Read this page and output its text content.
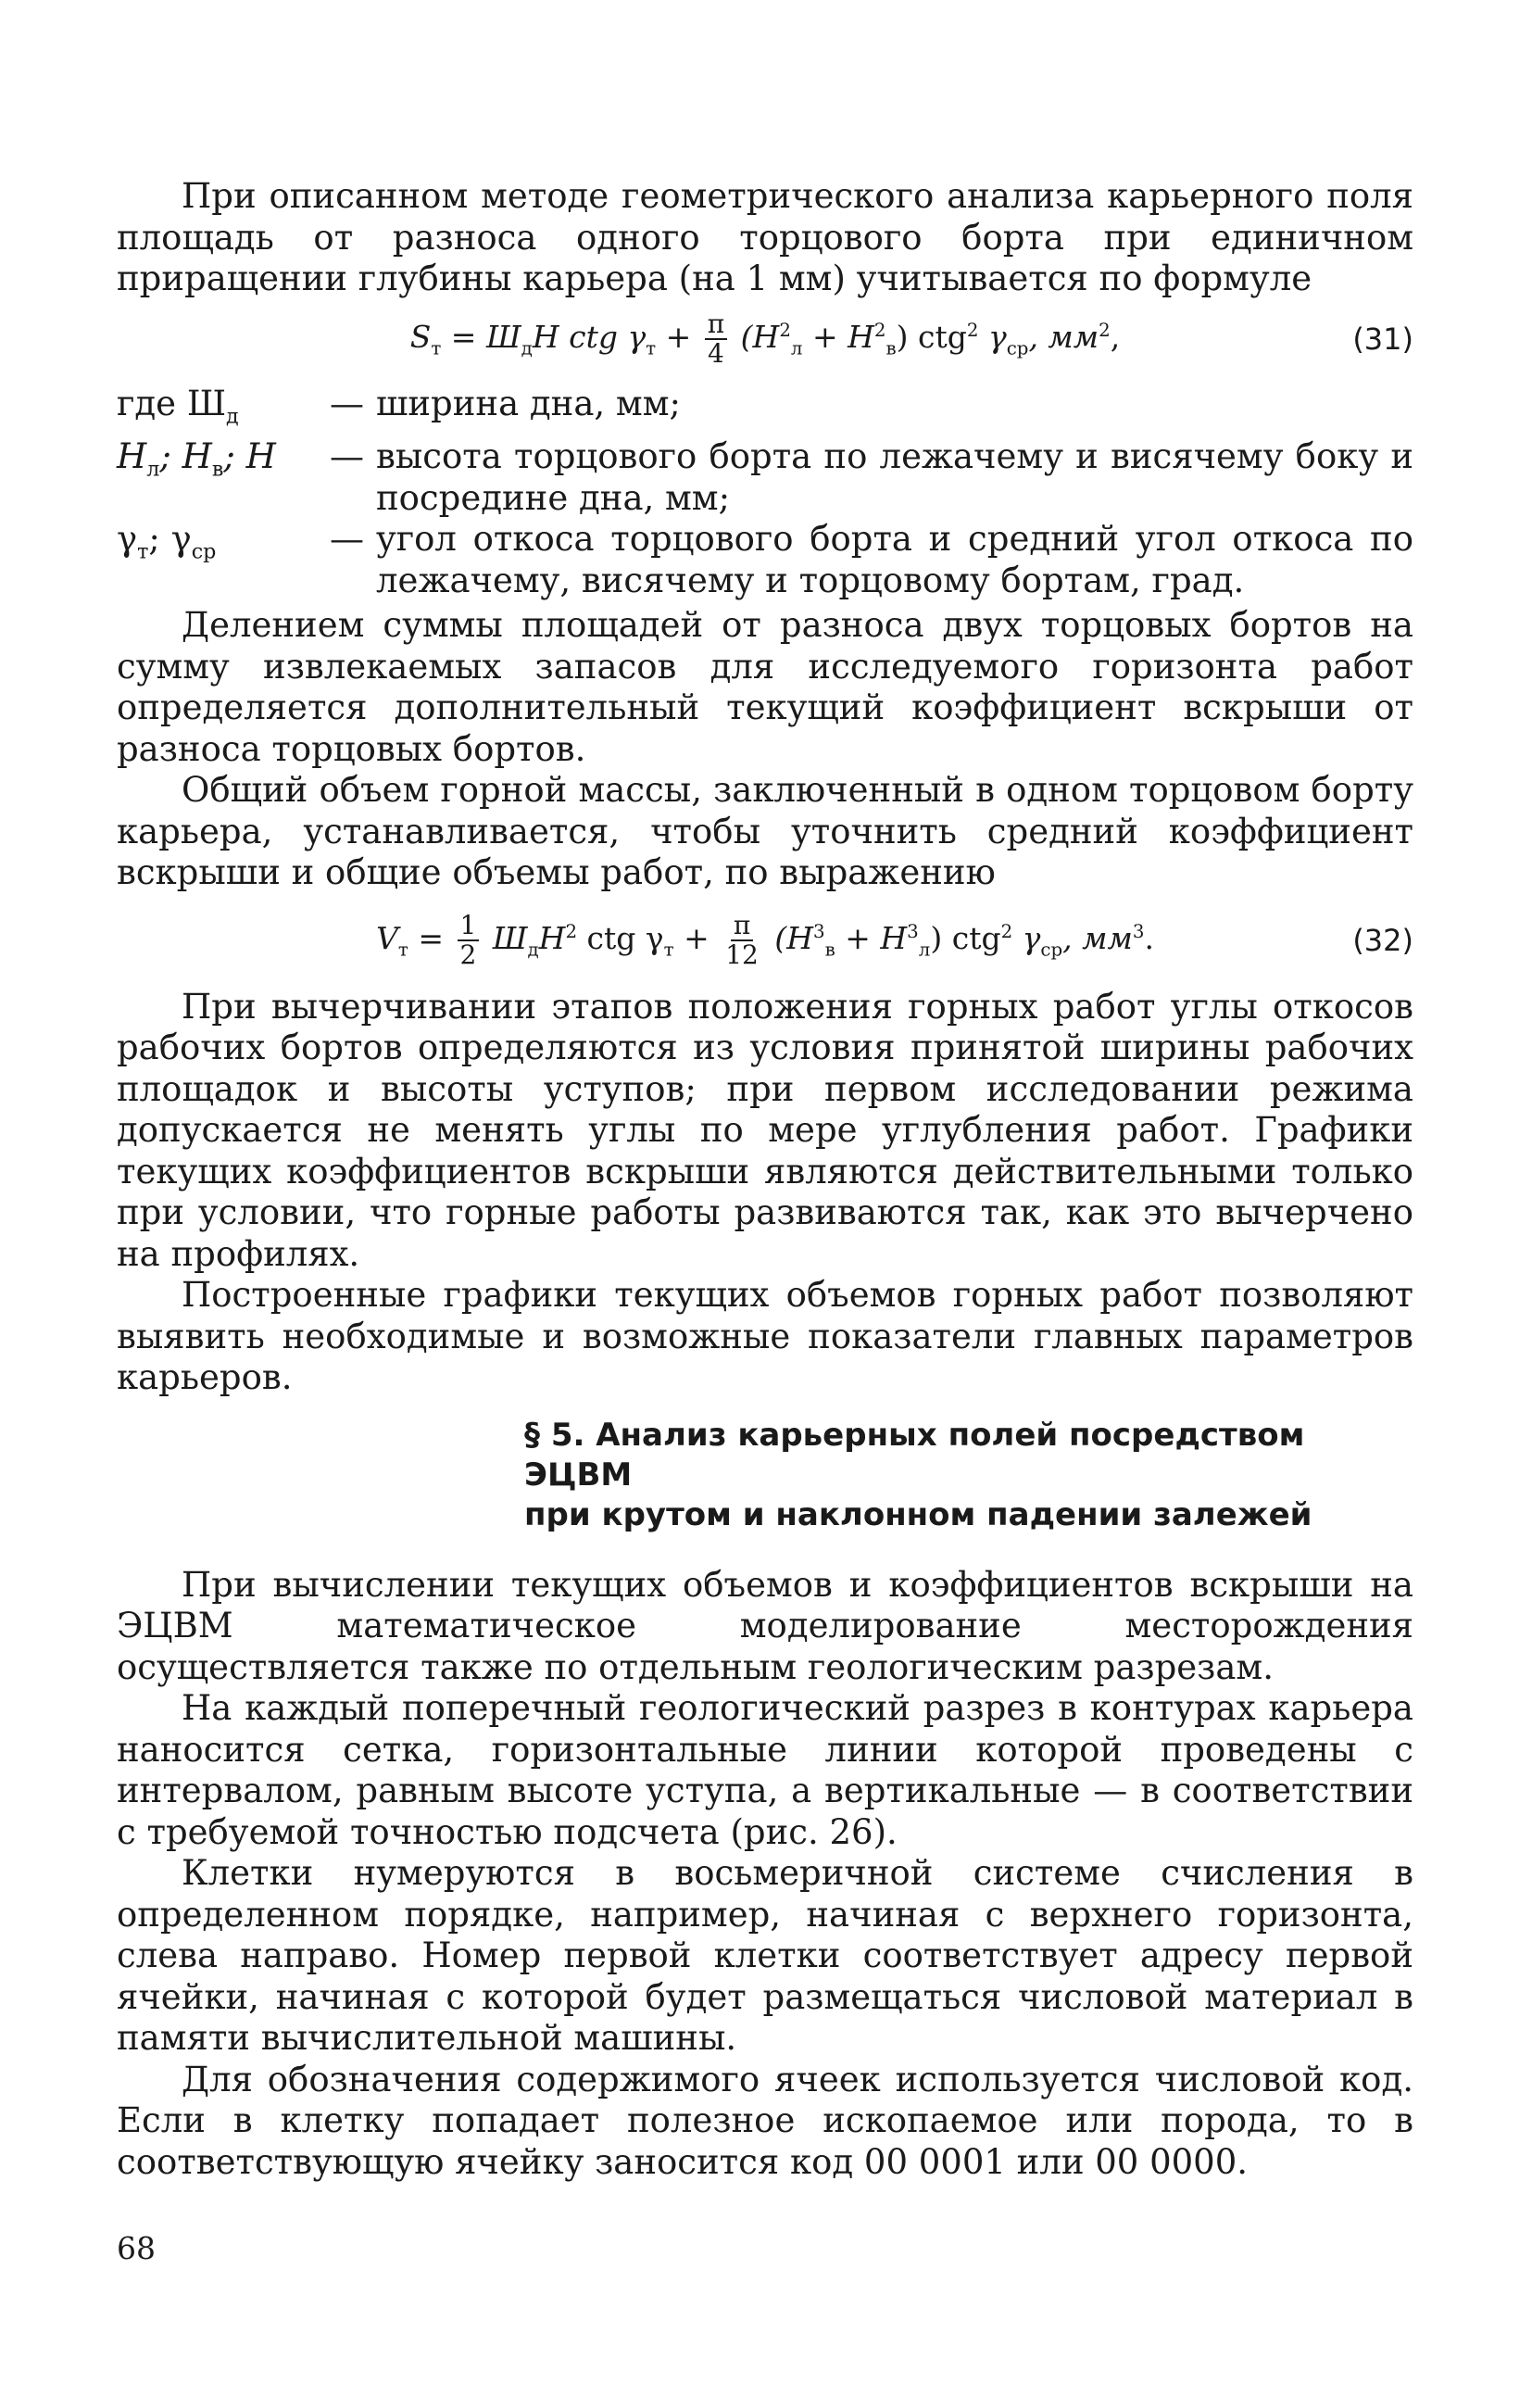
При описанном методе геометрического анализа карьерного поля площадь от разноса одного торцового борта при единичном приращении глубины карьера (на 1 мм) учитывается по формуле

$S_т = Ш_дH$ ctg $\gamma_т + \frac{\pi}{4} (H^2_л + H^2_в)$ ctg$^2$ $\gamma_{ср}$, $мм^2$,	(31)
где $Ш_д$	— ширина дна, мм;
$H_л$; $H_в$; H	— высота торцового борта по лежачему и висячему боку и посредине дна, мм;
$\gamma_т$; $\gamma_{ср}$	— угол откоса торцового борта и средний угол откоса по лежачему, висячему и торцовому бортам, град.

Делением суммы площадей от разноса двух торцовых бортов на сумму извлекаемых запасов для исследуемого горизонта работ определяется дополнительный текущий коэффициент вскрыши от разноса торцовых бортов.

Общий объем горной массы, заключенный в одном торцовом борту карьера, устанавливается, чтобы уточнить средний коэффициент вскрыши и общие объемы работ, по выражению

$V_т = \frac{1}{2} Ш_дH^2$ ctg $\gamma_т + \frac{\pi}{12} (H^3_в + H^3_л)$ ctg$^2$ $\gamma_{ср}$, $мм^3$.	(32)

При вычерчивании этапов положения горных работ углы откосов рабочих бортов определяются из условия принятой ширины рабочих площадок и высоты уступов; при первом исследовании режима допускается не менять углы по мере углубления работ. Графики текущих коэффициентов вскрыши являются действительными только при условии, что горные работы развиваются так, как это вычерчено на профилях.

Построенные графики текущих объемов горных работ позволяют выявить необходимые и возможные показатели главных параметров карьеров.

§ 5. Анализ карьерных полей посредством ЭЦВМ
при крутом и наклонном падении залежей

При вычислении текущих объемов и коэффициентов вскрыши на ЭЦВМ математическое моделирование месторождения осуществляется также по отдельным геологическим разрезам.

На каждый поперечный геологический разрез в контурах карьера наносится сетка, горизонтальные линии которой проведены с интервалом, равным высоте уступа, а вертикальные — в соответствии с требуемой точностью подсчета (рис. 26).

Клетки нумеруются в восьмеричной системе счисления в определенном порядке, например, начиная с верхнего горизонта, слева направо. Номер первой клетки соответствует адресу первой ячейки, начиная с которой будет размещаться числовой материал в памяти вычислительной машины.

Для обозначения содержимого ячеек используется числовой код. Если в клетку попадает полезное ископаемое или порода, то в соответствующую ячейку заносится код 00 0001 или 00 0000.

68
